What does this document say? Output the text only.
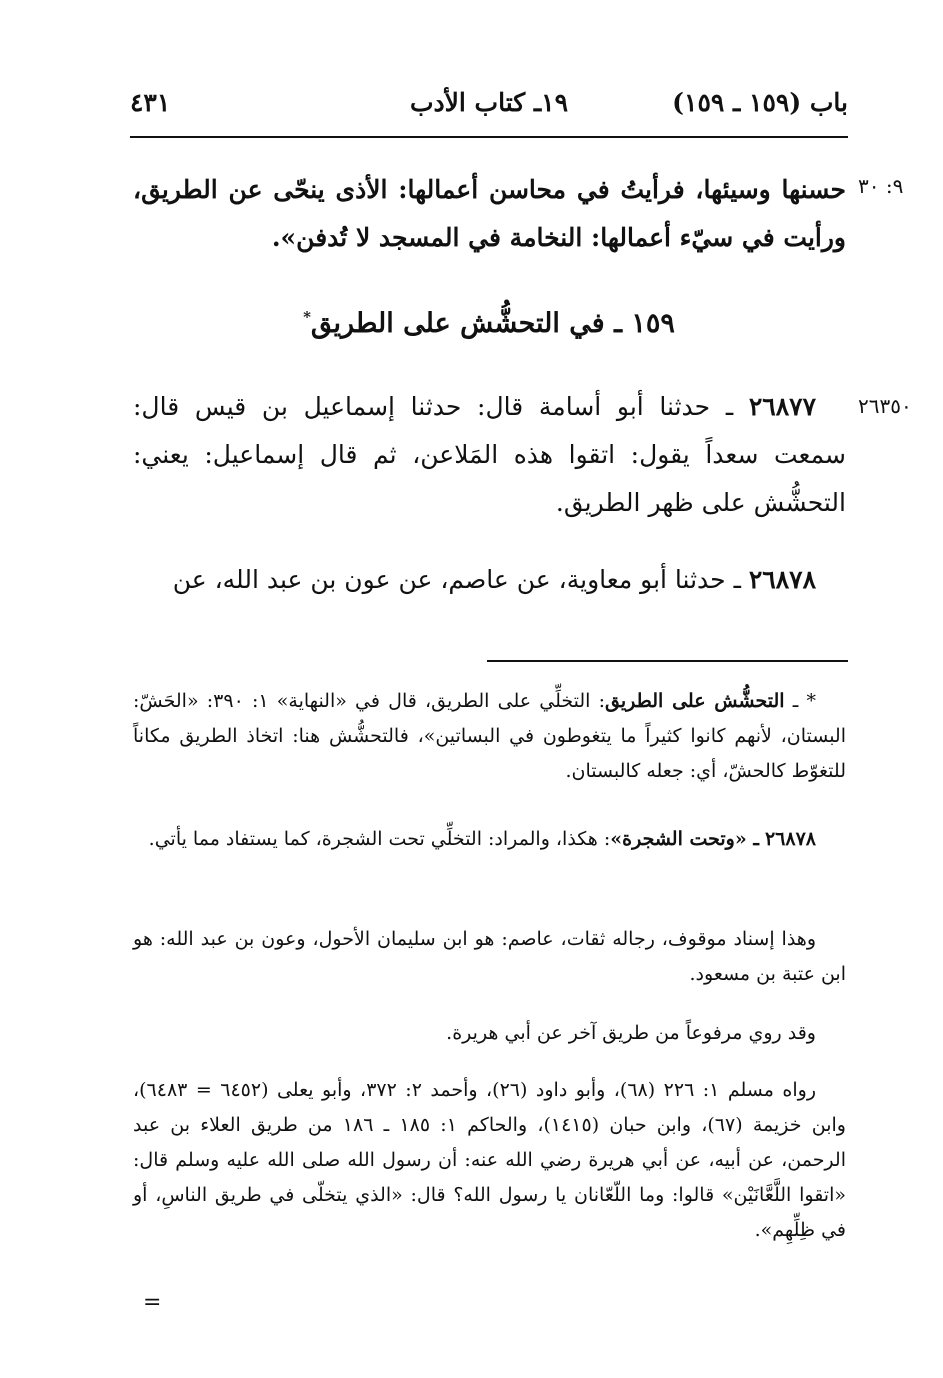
باب (١٥٩ ـ ١٥٩)
١٩ـ كتاب الأدب
٤٣١
٩: ٣٠
٢٦٣٥٠
حسنها وسيئها، فرأيتُ في محاسن أعمالها: الأذى ينحّى عن الطريق، ورأيت في سيّء أعمالها: النخامة في المسجد لا تُدفن».
١٥٩ ـ في التحشُّش على الطريق*
٢٦٨٧٧ ـ حدثنا أبو أسامة قال: حدثنا إسماعيل بن قيس قال: سمعت سعداً يقول: اتقوا هذه المَلاعن، ثم قال إسماعيل: يعني: التحشُّش على ظهر الطريق.
٢٦٨٧٨ ـ حدثنا أبو معاوية، عن عاصم، عن عون بن عبد الله، عن
* ـ التحشُّش على الطريق: التخلِّي على الطريق، قال في «النهاية» ١: ٣٩٠: «الحَشّ: البستان، لأنهم كانوا كثيراً ما يتغوطون في البساتين»، فالتحشُّش هنا: اتخاذ الطريق مكاناً للتغوّط كالحشّ، أي: جعله كالبستان.
٢٦٨٧٨ ـ «وتحت الشجرة»: هكذا، والمراد: التخلِّي تحت الشجرة، كما يستفاد مما يأتي.
وهذا إسناد موقوف، رجاله ثقات، عاصم: هو ابن سليمان الأحول، وعون بن عبد الله: هو ابن عتبة بن مسعود.
وقد روي مرفوعاً من طريق آخر عن أبي هريرة.
رواه مسلم ١: ٢٢٦ (٦٨)، وأبو داود (٢٦)، وأحمد ٢: ٣٧٢، وأبو يعلى (٦٤٥٢ = ٦٤٨٣)، وابن خزيمة (٦٧)، وابن حبان (١٤١٥)، والحاكم ١: ١٨٥ ـ ١٨٦ من طريق العلاء بن عبد الرحمن، عن أبيه، عن أبي هريرة رضي الله عنه: أن رسول الله صلى الله عليه وسلم قال: «اتقوا اللَّعَّانَيْن» قالوا: وما اللّعّانان يا رسول الله؟ قال: «الذي يتخلّى في طريق الناسِ، أو في ظِلِّهِم».
=
